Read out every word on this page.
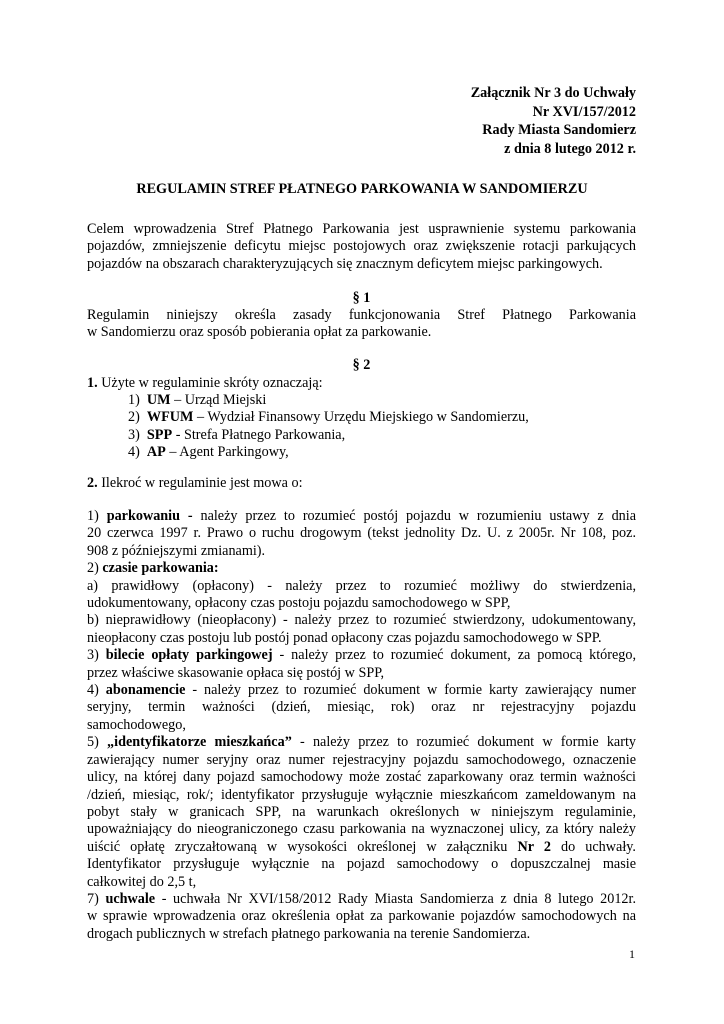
Załącznik Nr 3 do Uchwały
Nr XVI/157/2012
Rady Miasta Sandomierz
z dnia 8 lutego 2012 r.
REGULAMIN STREF PŁATNEGO PARKOWANIA W SANDOMIERZU
Celem wprowadzenia Stref Płatnego Parkowania jest usprawnienie systemu parkowania
pojazdów, zmniejszenie deficytu miejsc postojowych oraz zwiększenie rotacji parkujących
pojazdów na obszarach charakteryzujących się znacznym deficytem miejsc parkingowych.
§ 1
Regulamin niniejszy określa zasady funkcjonowania Stref Płatnego Parkowania
w Sandomierzu oraz sposób pobierania opłat za parkowanie.
§ 2
1. Użyte w regulaminie skróty oznaczają:
1) UM – Urząd Miejski
2) WFUM – Wydział Finansowy Urzędu Miejskiego w Sandomierzu,
3) SPP - Strefa Płatnego Parkowania,
4) AP – Agent Parkingowy,
2. Ilekroć w regulaminie jest mowa o:
1) parkowaniu - należy przez to rozumieć postój pojazdu w rozumieniu ustawy z dnia
20 czerwca 1997 r. Prawo o ruchu drogowym (tekst jednolity Dz. U. z 2005r. Nr 108, poz.
908 z późniejszymi zmianami).
2) czasie parkowania:
a) prawidłowy (opłacony) - należy przez to rozumieć możliwy do stwierdzenia,
udokumentowany, opłacony czas postoju pojazdu samochodowego w SPP,
b) nieprawidłowy (nieopłacony) - należy przez to rozumieć stwierdzony, udokumentowany,
nieopłacony czas postoju lub postój ponad opłacony czas pojazdu samochodowego w SPP.
3) bilecie opłaty parkingowej - należy przez to rozumieć dokument, za pomocą którego,
przez właściwe skasowanie opłaca się postój w SPP,
4) abonamencie - należy przez to rozumieć dokument w formie karty zawierający numer
seryjny, termin ważności (dzień, miesiąc, rok) oraz nr rejestracyjny pojazdu
samochodowego,
5) „identyfikatorze mieszkańca” - należy przez to rozumieć dokument w formie karty
zawierający numer seryjny oraz numer rejestracyjny pojazdu samochodowego, oznaczenie
ulicy, na której dany pojazd samochodowy może zostać zaparkowany oraz termin ważności
/dzień, miesiąc, rok/; identyfikator przysługuje wyłącznie mieszkańcom zameldowanym na
pobyt stały w granicach SPP, na warunkach określonych w niniejszym regulaminie,
upoważniający do nieograniczonego czasu parkowania na wyznaczonej ulicy, za który należy
uiścić opłatę zryczałtowaną w wysokości określonej w załączniku Nr 2 do uchwały.
Identyfikator przysługuje wyłącznie na pojazd samochodowy o dopuszczalnej masie
całkowitej do 2,5 t,
7) uchwale - uchwała Nr XVI/158/2012 Rady Miasta Sandomierza z dnia 8 lutego 2012r.
w sprawie wprowadzenia oraz określenia opłat za parkowanie pojazdów samochodowych na
drogach publicznych w strefach płatnego parkowania na terenie Sandomierza.
1
